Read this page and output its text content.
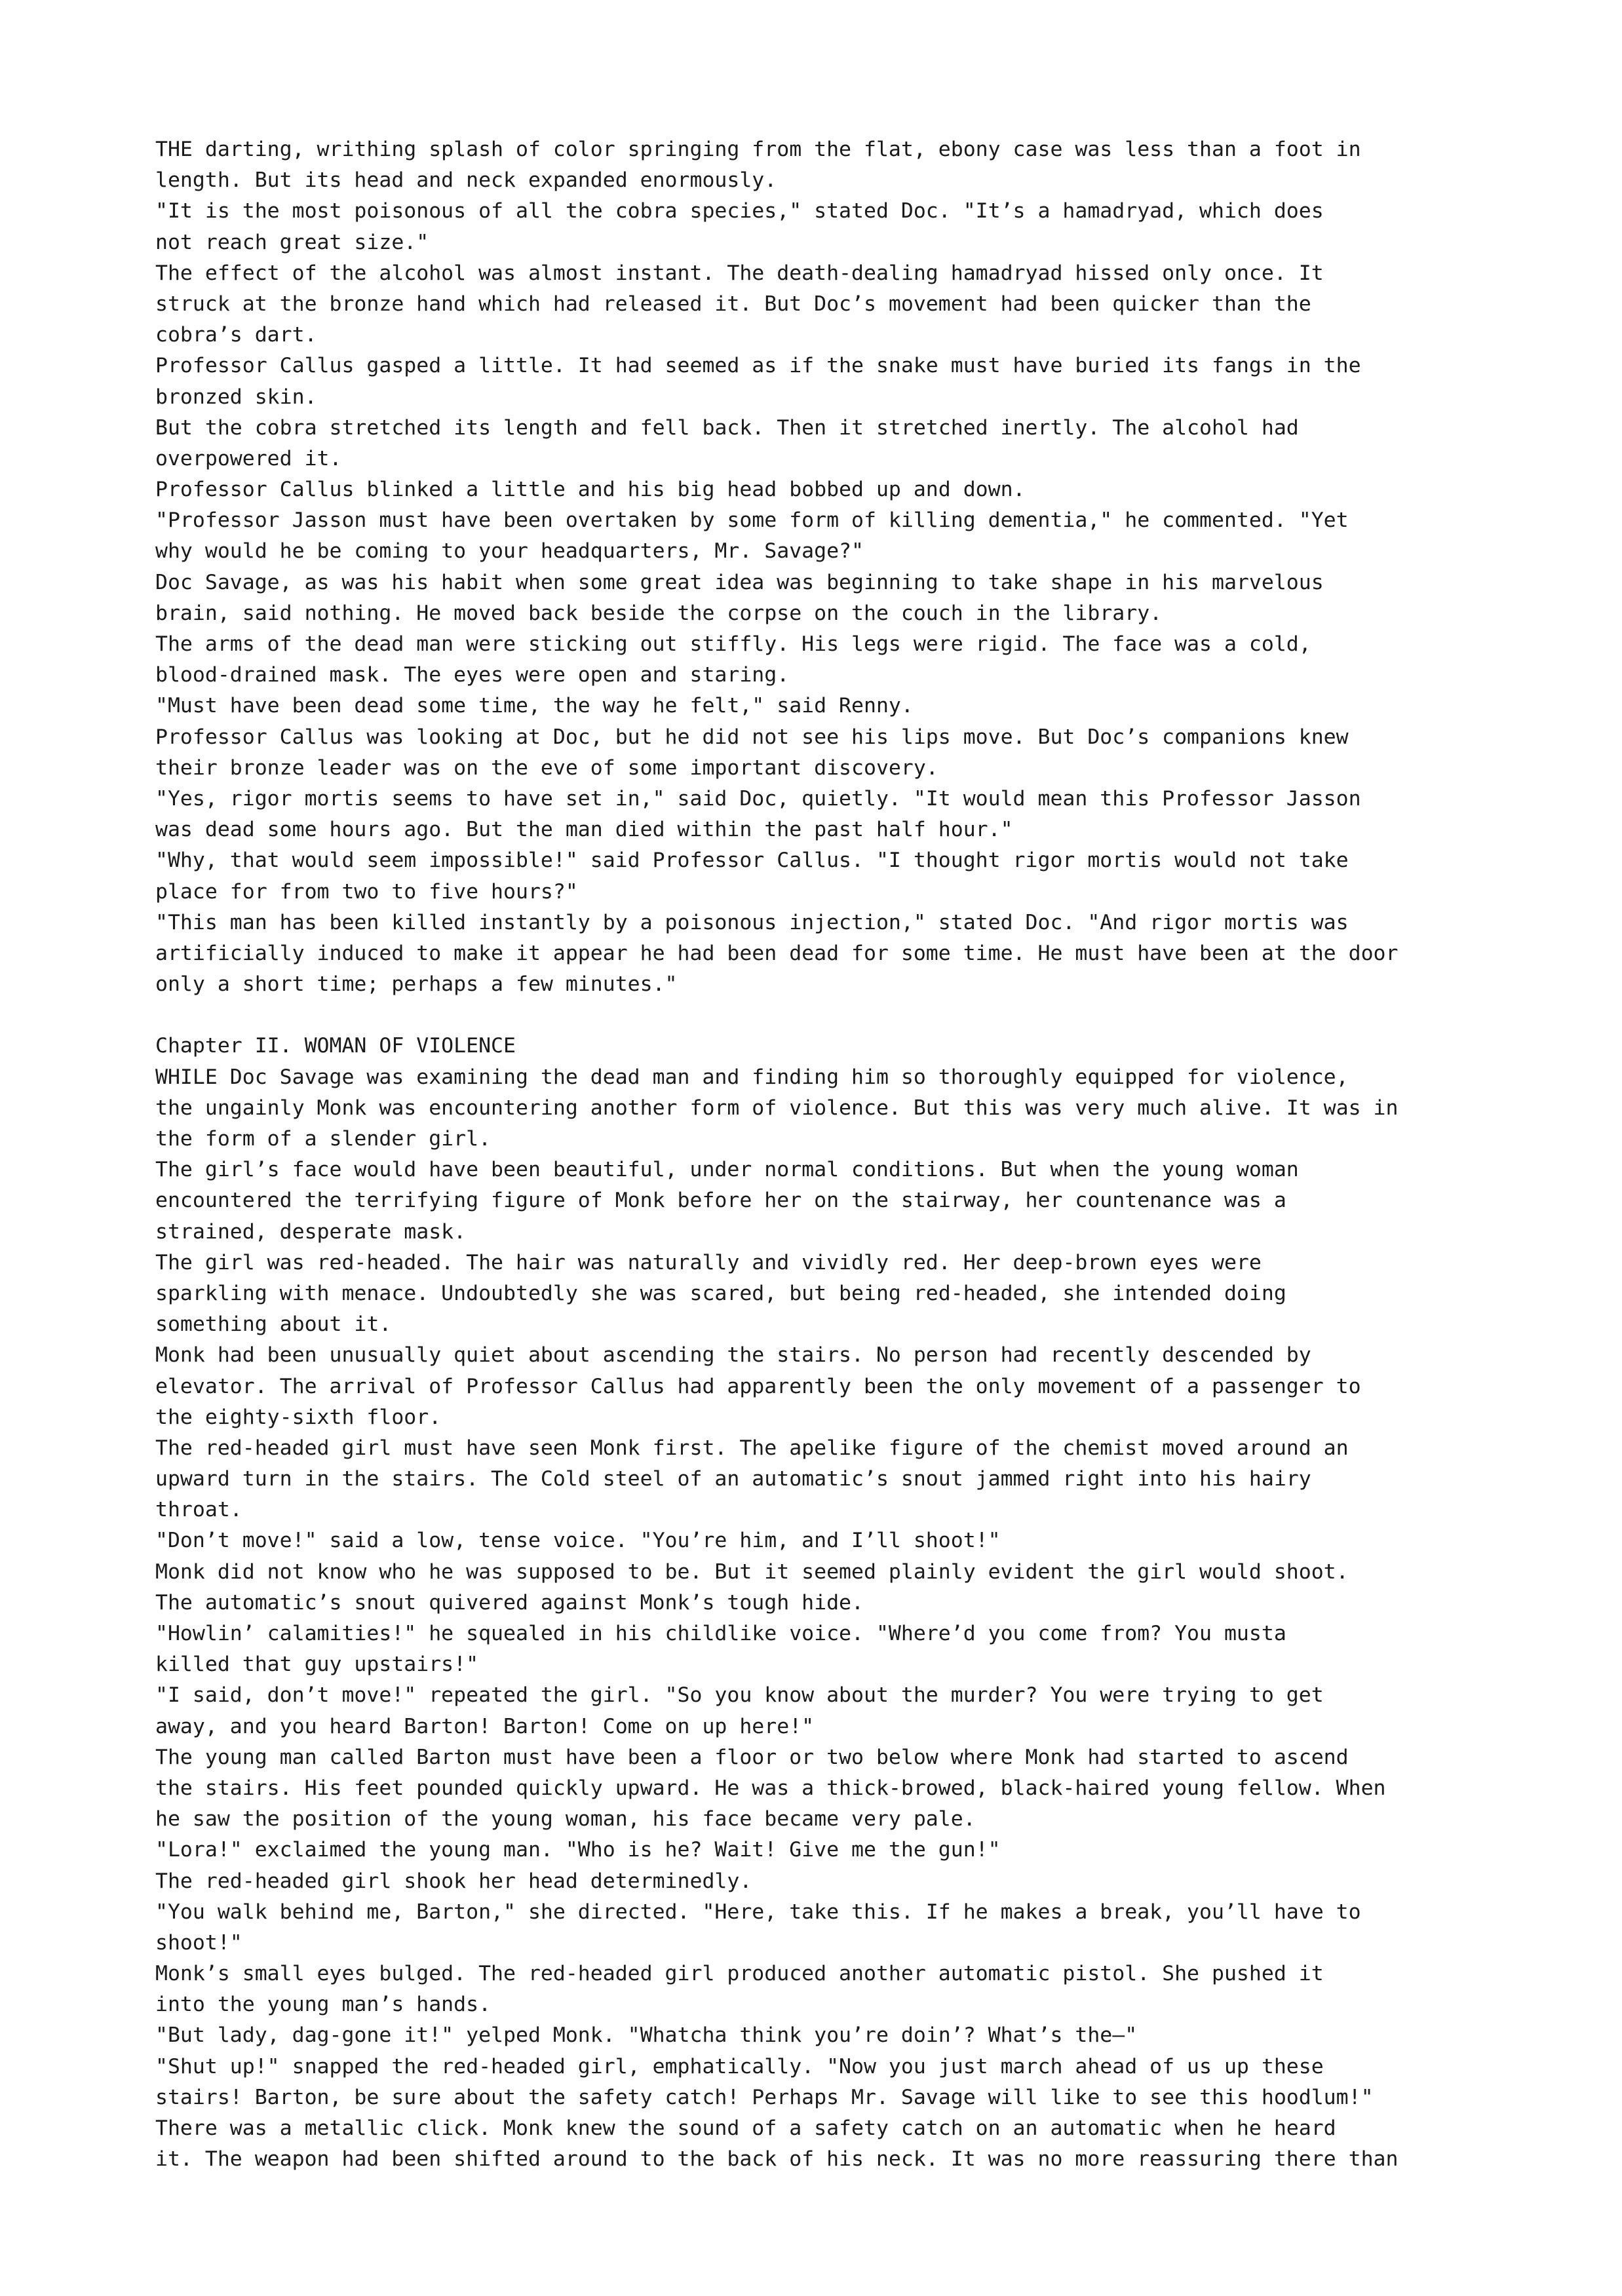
THE darting, writhing splash of color springing from the flat, ebony case was less than a foot in
length. But its head and neck expanded enormously.
"It is the most poisonous of all the cobra species," stated Doc. "It’s a hamadryad, which does
not reach great size."
The effect of the alcohol was almost instant. The death-dealing hamadryad hissed only once. It
struck at the bronze hand which had released it. But Doc’s movement had been quicker than the
cobra’s dart.
Professor Callus gasped a little. It had seemed as if the snake must have buried its fangs in the
bronzed skin.
But the cobra stretched its length and fell back. Then it stretched inertly. The alcohol had
overpowered it.
Professor Callus blinked a little and his big head bobbed up and down.
"Professor Jasson must have been overtaken by some form of killing dementia," he commented. "Yet
why would he be coming to your headquarters, Mr. Savage?"
Doc Savage, as was his habit when some great idea was beginning to take shape in his marvelous
brain, said nothing. He moved back beside the corpse on the couch in the library.
The arms of the dead man were sticking out stiffly. His legs were rigid. The face was a cold,
blood-drained mask. The eyes were open and staring.
"Must have been dead some time, the way he felt," said Renny.
Professor Callus was looking at Doc, but he did not see his lips move. But Doc’s companions knew
their bronze leader was on the eve of some important discovery.
"Yes, rigor mortis seems to have set in," said Doc, quietly. "It would mean this Professor Jasson
was dead some hours ago. But the man died within the past half hour."
"Why, that would seem impossible!" said Professor Callus. "I thought rigor mortis would not take
place for from two to five hours?"
"This man has been killed instantly by a poisonous injection," stated Doc. "And rigor mortis was
artificially induced to make it appear he had been dead for some time. He must have been at the door
only a short time; perhaps a few minutes."
Chapter II. WOMAN OF VIOLENCE
WHILE Doc Savage was examining the dead man and finding him so thoroughly equipped for violence,
the ungainly Monk was encountering another form of violence. But this was very much alive. It was in
the form of a slender girl.
The girl’s face would have been beautiful, under normal conditions. But when the young woman
encountered the terrifying figure of Monk before her on the stairway, her countenance was a
strained, desperate mask.
The girl was red-headed. The hair was naturally and vividly red. Her deep-brown eyes were
sparkling with menace. Undoubtedly she was scared, but being red-headed, she intended doing
something about it.
Monk had been unusually quiet about ascending the stairs. No person had recently descended by
elevator. The arrival of Professor Callus had apparently been the only movement of a passenger to
the eighty-sixth floor.
The red-headed girl must have seen Monk first. The apelike figure of the chemist moved around an
upward turn in the stairs. The Cold steel of an automatic’s snout jammed right into his hairy
throat.
"Don’t move!" said a low, tense voice. "You’re him, and I’ll shoot!"
Monk did not know who he was supposed to be. But it seemed plainly evident the girl would shoot.
The automatic’s snout quivered against Monk’s tough hide.
"Howlin’ calamities!" he squealed in his childlike voice. "Where’d you come from? You musta
killed that guy upstairs!"
"I said, don’t move!" repeated the girl. "So you know about the murder? You were trying to get
away, and you heard Barton! Barton! Come on up here!"
The young man called Barton must have been a floor or two below where Monk had started to ascend
the stairs. His feet pounded quickly upward. He was a thick-browed, black-haired young fellow. When
he saw the position of the young woman, his face became very pale.
"Lora!" exclaimed the young man. "Who is he? Wait! Give me the gun!"
The red-headed girl shook her head determinedly.
"You walk behind me, Barton," she directed. "Here, take this. If he makes a break, you’ll have to
shoot!"
Monk’s small eyes bulged. The red-headed girl produced another automatic pistol. She pushed it
into the young man’s hands.
"But lady, dag-gone it!" yelped Monk. "Whatcha think you’re doin’? What’s the—"
"Shut up!" snapped the red-headed girl, emphatically. "Now you just march ahead of us up these
stairs! Barton, be sure about the safety catch! Perhaps Mr. Savage will like to see this hoodlum!"
There was a metallic click. Monk knew the sound of a safety catch on an automatic when he heard
it. The weapon had been shifted around to the back of his neck. It was no more reassuring there than
